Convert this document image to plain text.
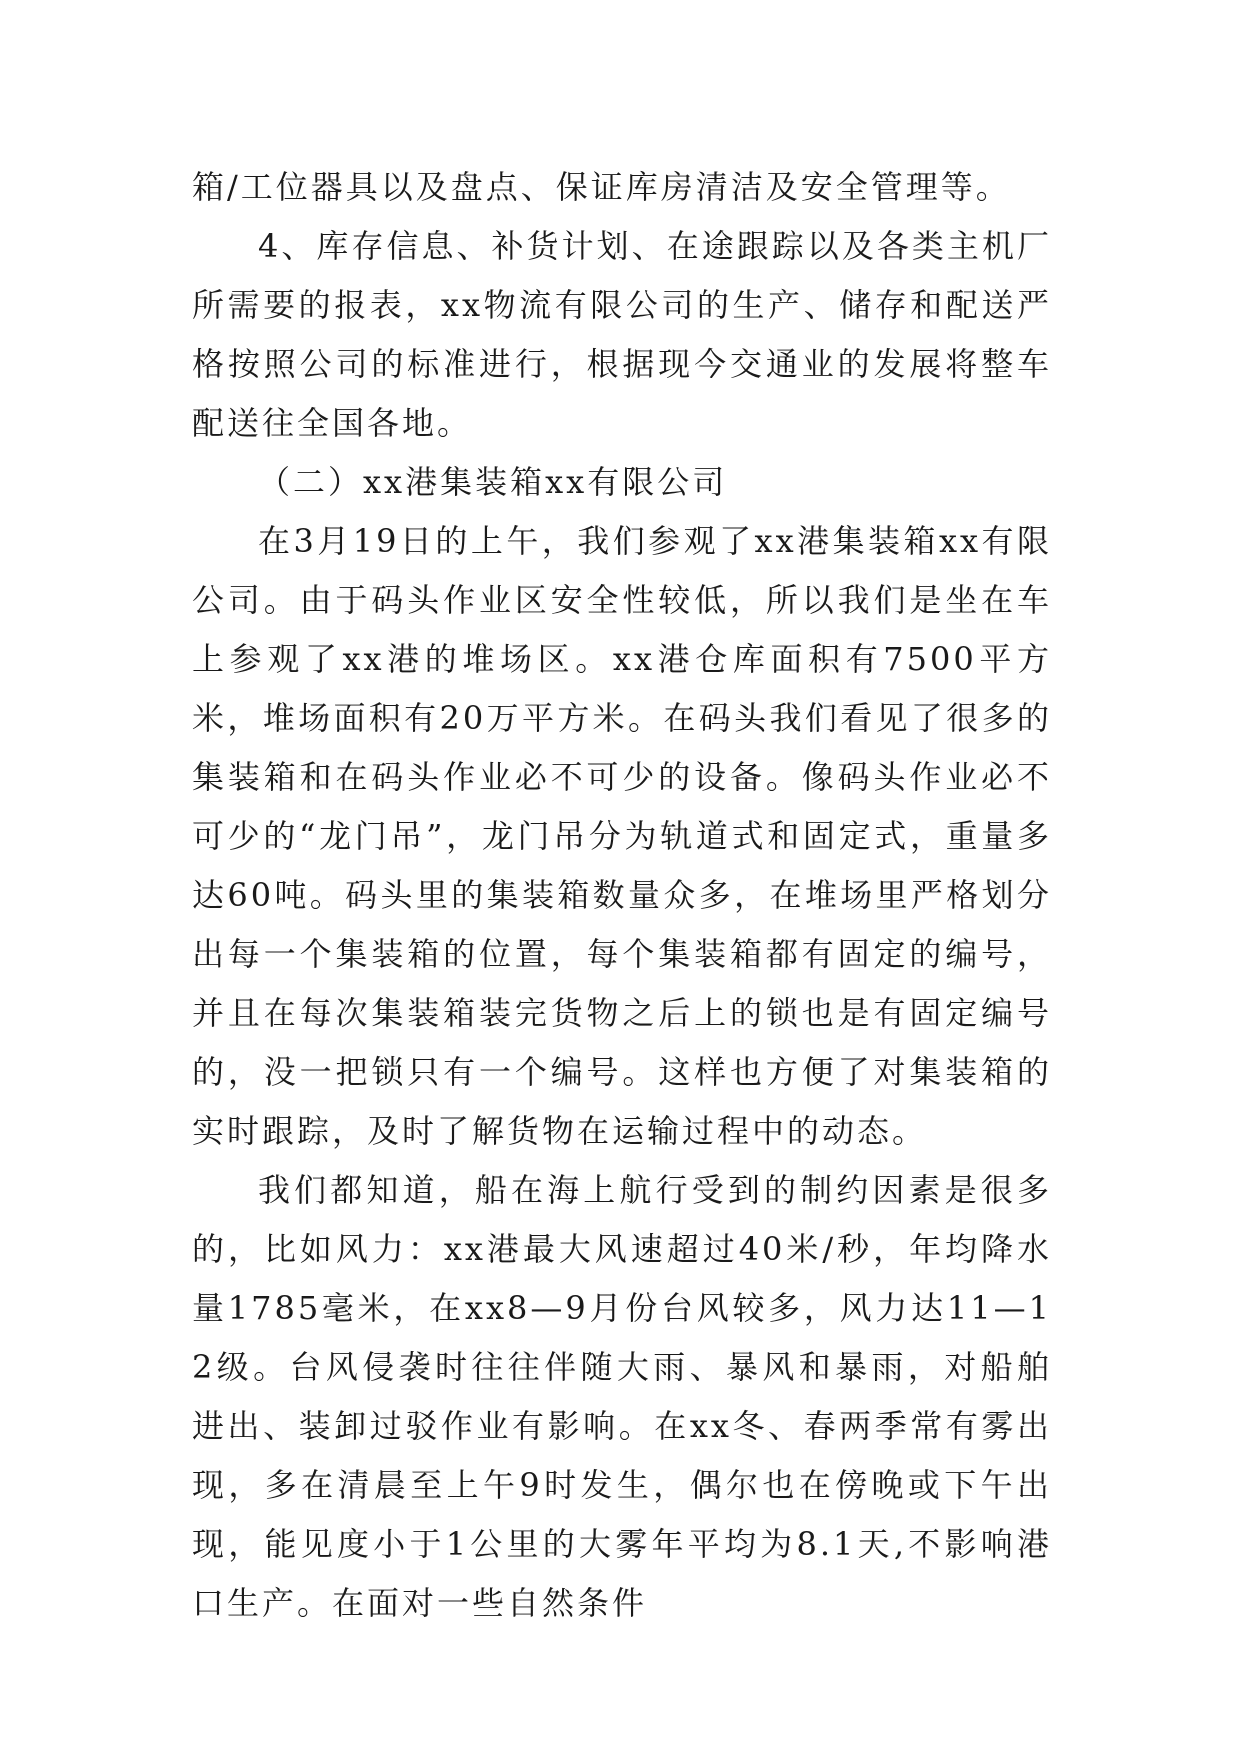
箱/工位器具以及盘点、保证库房清洁及安全管理等。

4、库存信息、补货计划、在途跟踪以及各类主机厂所需要的报表，xx物流有限公司的生产、储存和配送严格按照公司的标准进行，根据现今交通业的发展将整车配送往全国各地。

（二）xx港集装箱xx有限公司

在3月19日的上午，我们参观了xx港集装箱xx有限公司。由于码头作业区安全性较低，所以我们是坐在车上参观了xx港的堆场区。xx港仓库面积有7500平方米，堆场面积有20万平方米。在码头我们看见了很多的集装箱和在码头作业必不可少的设备。像码头作业必不可少的“龙门吊”，龙门吊分为轨道式和固定式，重量多达60吨。码头里的集装箱数量众多，在堆场里严格划分出每一个集装箱的位置，每个集装箱都有固定的编号，并且在每次集装箱装完货物之后上的锁也是有固定编号的，没一把锁只有一个编号。这样也方便了对集装箱的实时跟踪，及时了解货物在运输过程中的动态。

我们都知道，船在海上航行受到的制约因素是很多的，比如风力：xx港最大风速超过40米/秒，年均降水量1785毫米，在xx8—9月份台风较多，风力达11—12级。台风侵袭时往往伴随大雨、暴风和暴雨，对船舶进出、装卸过驳作业有影响。在xx冬、春两季常有雾出现，多在清晨至上午9时发生，偶尔也在傍晚或下午出现，能见度小于1公里的大雾年平均为8.1天,不影响港口生产。在面对一些自然条件
